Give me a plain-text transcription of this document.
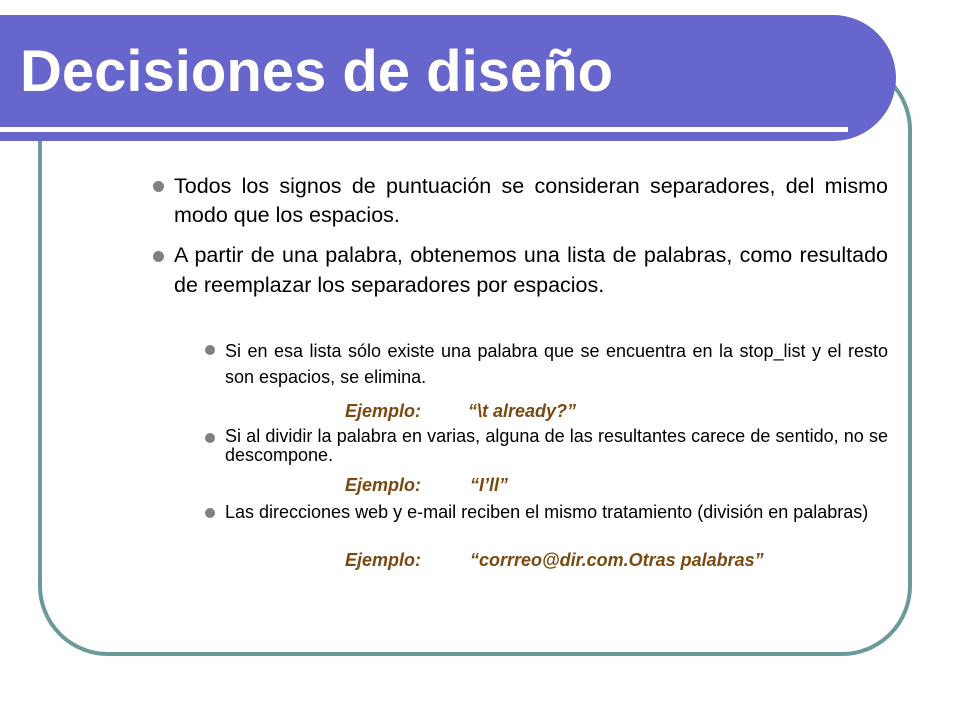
Decisiones de diseño

Todos los signos de puntuación se consideran separadores, del mismo modo que los espacios.

A partir de una palabra, obtenemos una lista de palabras, como resultado de reemplazar los separadores por espacios.

Si en esa lista sólo existe una palabra que se encuentra en la stop_list y el resto son espacios, se elimina.

Ejemplo:	“\t already?”

Si al dividir la palabra en varias, alguna de las resultantes carece de sentido, no se descompone.

Ejemplo:	“I’ll”

Las direcciones web y e-mail reciben el mismo tratamiento (división en palabras)

Ejemplo:	“corrreo@dir.com.Otras palabras”
